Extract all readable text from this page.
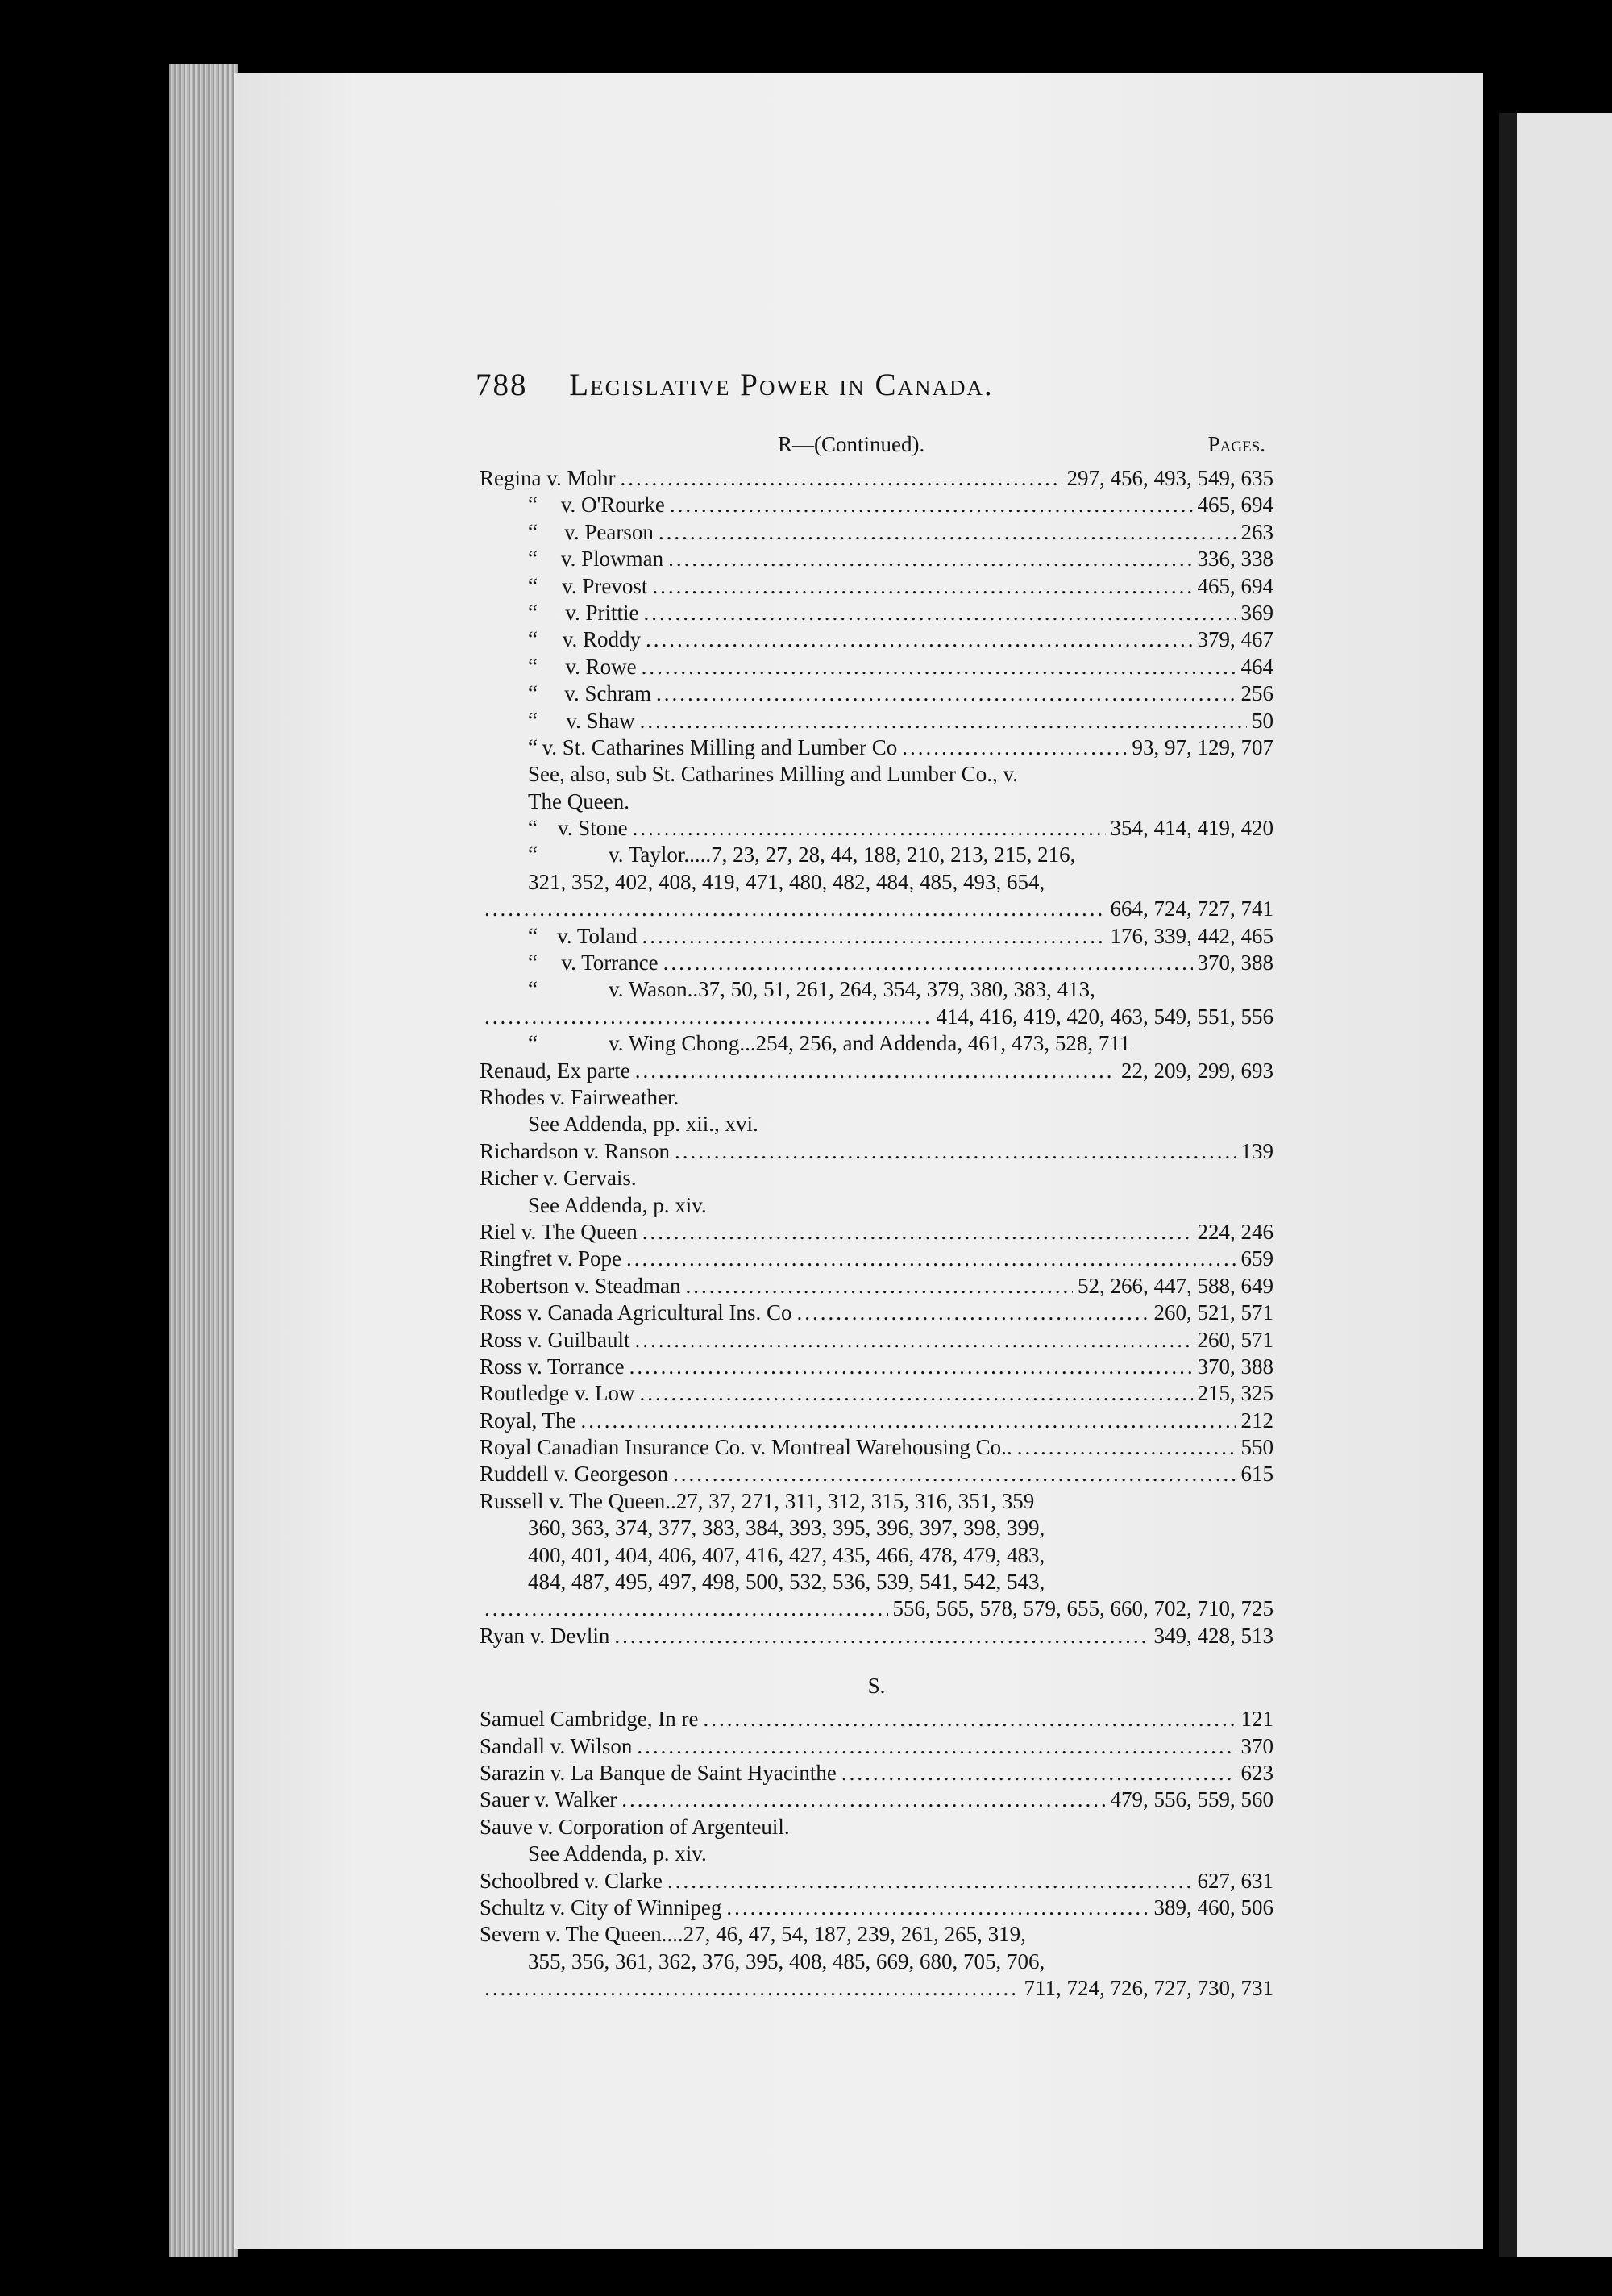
788 Legislative Power in Canada.
R—(Continued).	Pages.
Regina v. Mohr .....	297, 456, 493, 549, 635
“	v. O'Rourke .....	465, 694
“	v. Pearson .....	263
“	v. Plowman .....	336, 338
“	v. Prevost .....	465, 694
“	v. Prittie .....	369
“	v. Roddy .....	379, 467
“	v. Rowe .....	464
“	v. Schram .....	256
“	v. Shaw .....	50
“ v. St. Catharines Milling and Lumber Co .....	93, 97, 129, 707
See, also, sub St. Catharines Milling and Lumber Co., v.
The Queen.
“ v. Stone .....	354, 414, 419, 420
“	v. Taylor.....7, 23, 27, 28, 44, 188, 210, 213, 215, 216,
321, 352, 402, 408, 419, 471, 480, 482, 484, 485, 493, 654,
.....
664, 724, 727, 741
“ v. Toland .....	176, 339, 442, 465
“	v. Torrance .....	370, 388
“	v. Wason..37, 50, 51, 261, 264, 354, 379, 380, 383, 413,
.....
414, 416, 419, 420, 463, 549, 551, 556
“	v. Wing Chong...254, 256, and Addenda, 461, 473, 528, 711
Renaud, Ex parte .....	22, 209, 299, 693
Rhodes v. Fairweather.
See Addenda, pp. xii., xvi.
Richardson v. Ranson .....	139
Richer v. Gervais.
See Addenda, p. xiv.
Riel v. The Queen .....	224, 246
Ringfret v. Pope .....	659
Robertson v. Steadman .....	52, 266, 447, 588, 649
Ross v. Canada Agricultural Ins. Co .....	260, 521, 571
Ross v. Guilbault .....	260, 571
Ross v. Torrance .....	370, 388
Routledge v. Low .....	215, 325
Royal, The .....	212
Royal Canadian Insurance Co. v. Montreal Warehousing Co.. .....	550
Ruddell v. Georgeson .....	615
Russell v. The Queen..27, 37, 271, 311, 312, 315, 316, 351, 359
360, 363, 374, 377, 383, 384, 393, 395, 396, 397, 398, 399,
400, 401, 404, 406, 407, 416, 427, 435, 466, 478, 479, 483,
484, 487, 495, 497, 498, 500, 532, 536, 539, 541, 542, 543,
.....
556, 565, 578, 579, 655, 660, 702, 710, 725
Ryan v. Devlin .....	349, 428, 513
S.
Samuel Cambridge, In re .....	121
Sandall v. Wilson .....	370
Sarazin v. La Banque de Saint Hyacinthe .....	623
Sauer v. Walker .....	479, 556, 559, 560
Sauve v. Corporation of Argenteuil.
See Addenda, p. xiv.
Schoolbred v. Clarke .....	627, 631
Schultz v. City of Winnipeg .....	389, 460, 506
Severn v. The Queen....27, 46, 47, 54, 187, 239, 261, 265, 319,
355, 356, 361, 362, 376, 395, 408, 485, 669, 680, 705, 706,
.....
711, 724, 726, 727, 730, 731
